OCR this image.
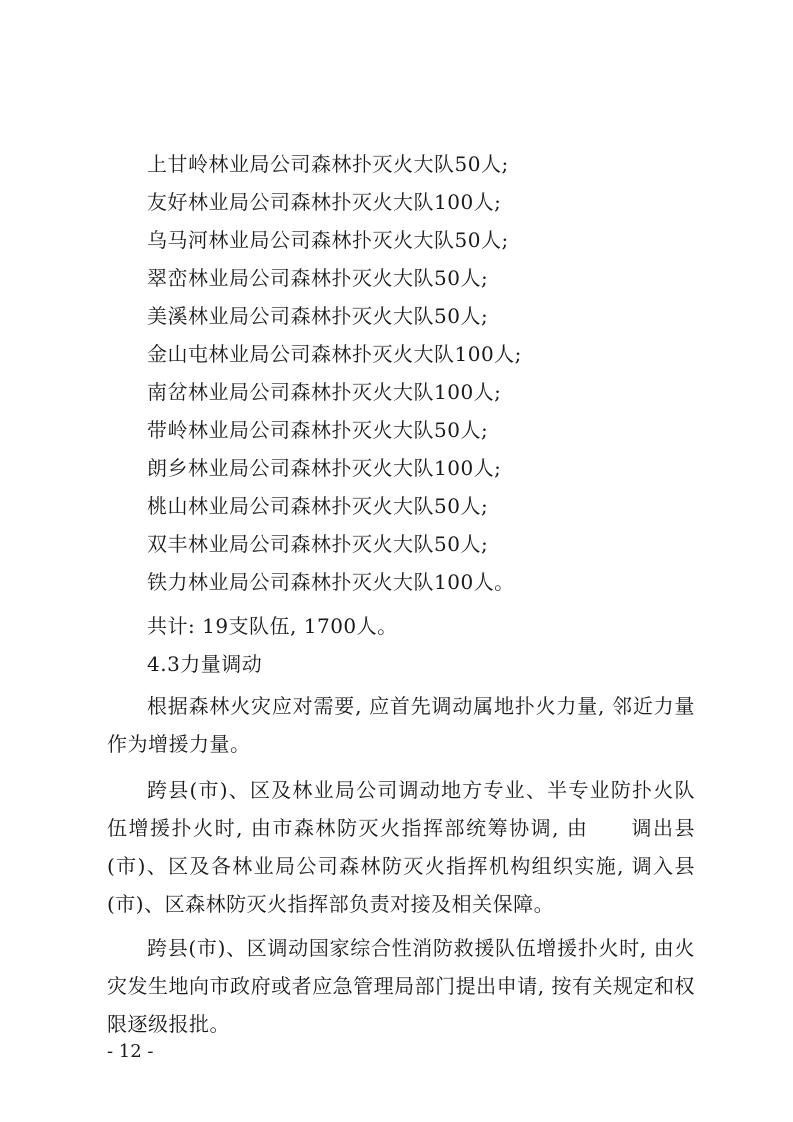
上甘岭林业局公司森林扑灭火大队50人;
友好林业局公司森林扑灭火大队100人;
乌马河林业局公司森林扑灭火大队50人;
翠峦林业局公司森林扑灭火大队50人;
美溪林业局公司森林扑灭火大队50人;
金山屯林业局公司森林扑灭火大队100人;
南岔林业局公司森林扑灭火大队100人;
带岭林业局公司森林扑灭火大队50人;
朗乡林业局公司森林扑灭火大队100人;
桃山林业局公司森林扑灭火大队50人;
双丰林业局公司森林扑灭火大队50人;
铁力林业局公司森林扑灭火大队100人。
共计: 19支队伍, 1700人。
4.3力量调动
根据森林火灾应对需要, 应首先调动属地扑火力量, 邻近力量作为增援力量。
跨县(市)、区及林业局公司调动地方专业、半专业防扑火队伍增援扑火时, 由市森林防灭火指挥部统筹协调, 由　　调出县(市)、区及各林业局公司森林防灭火指挥机构组织实施, 调入县(市)、区森林防灭火指挥部负责对接及相关保障。
跨县(市)、区调动国家综合性消防救援队伍增援扑火时, 由火灾发生地向市政府或者应急管理局部门提出申请, 按有关规定和权限逐级报批。
- 12 -
